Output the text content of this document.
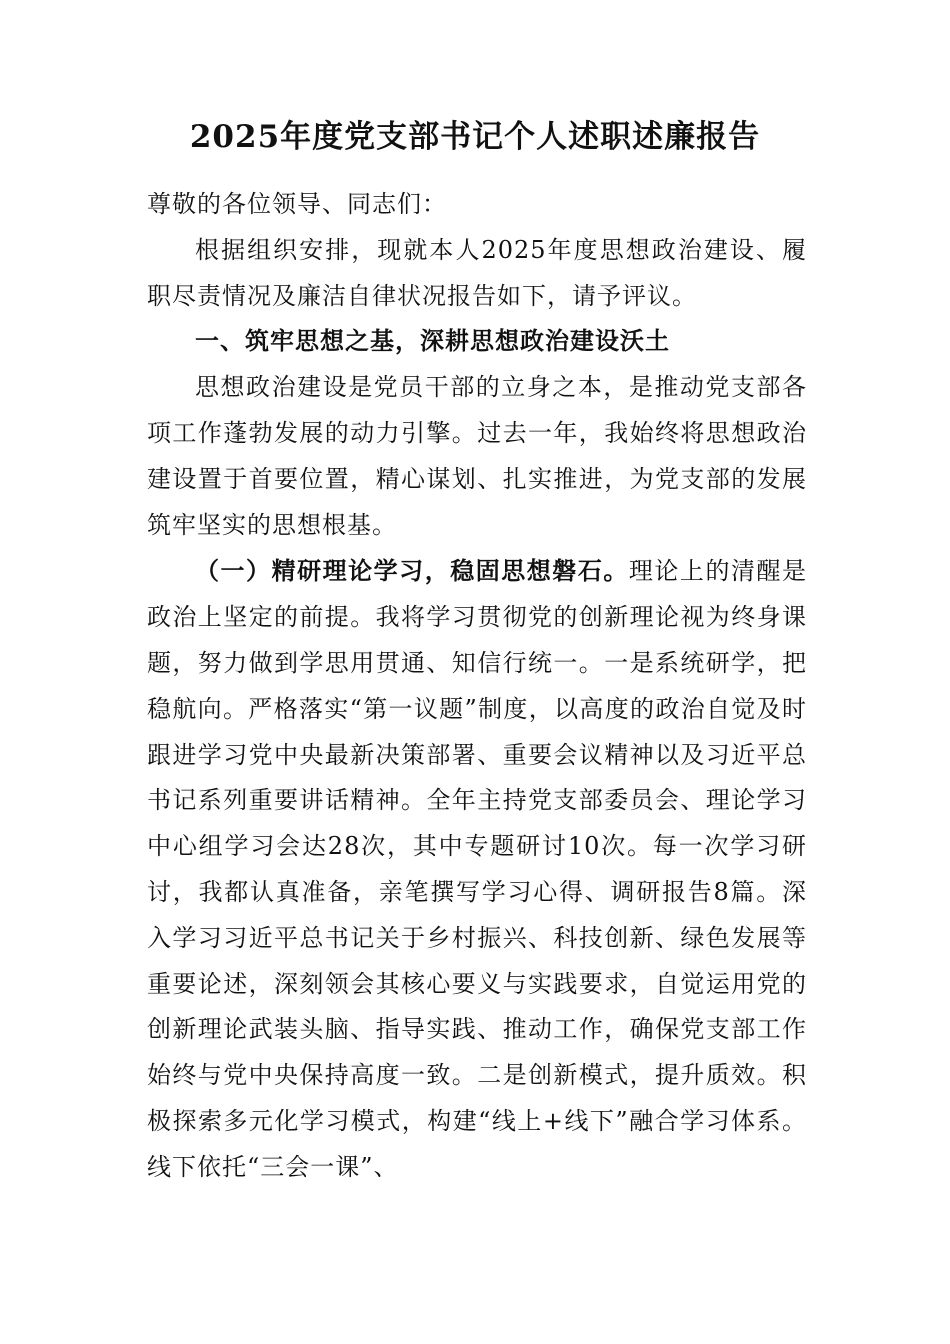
2025年度党支部书记个人述职述廉报告

尊敬的各位领导、同志们：

根据组织安排，现就本人2025年度思想政治建设、履职尽责情况及廉洁自律状况报告如下，请予评议。

一、筑牢思想之基，深耕思想政治建设沃土

思想政治建设是党员干部的立身之本，是推动党支部各项工作蓬勃发展的动力引擎。过去一年，我始终将思想政治建设置于首要位置，精心谋划、扎实推进，为党支部的发展筑牢坚实的思想根基。

（一）精研理论学习，稳固思想磐石。理论上的清醒是政治上坚定的前提。我将学习贯彻党的创新理论视为终身课题，努力做到学思用贯通、知信行统一。一是系统研学，把稳航向。严格落实“第一议题”制度，以高度的政治自觉及时跟进学习党中央最新决策部署、重要会议精神以及习近平总书记系列重要讲话精神。全年主持党支部委员会、理论学习中心组学习会达28次，其中专题研讨10次。每一次学习研讨，我都认真准备，亲笔撰写学习心得、调研报告8篇。深入学习习近平总书记关于乡村振兴、科技创新、绿色发展等重要论述，深刻领会其核心要义与实践要求，自觉运用党的创新理论武装头脑、指导实践、推动工作，确保党支部工作始终与党中央保持高度一致。二是创新模式，提升质效。积极探索多元化学习模式，构建“线上+线下”融合学习体系。线下依托“三会一课”、
